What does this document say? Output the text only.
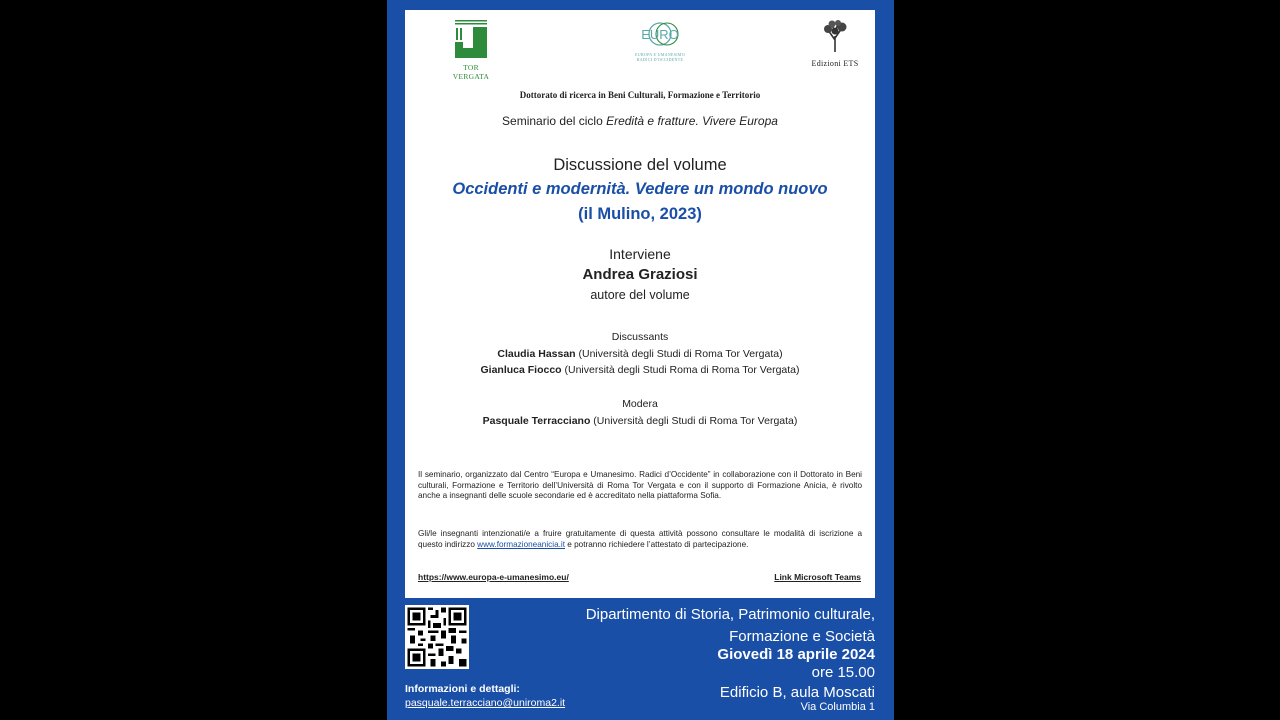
TOR VERGATA
EURO
EUROPA E UMANESIMO
RADICI D'OCCIDENTE	Edizioni ETS
Dottorato di ricerca in Beni Culturali, Formazione e Territorio
Seminario del ciclo Eredità e fratture. Vivere Europa
Discussione del volume
Occidenti e modernità. Vedere un mondo nuovo
(il Mulino, 2023)
Interviene
Andrea Graziosi
autore del volume
Discussants
Claudia Hassan (Università degli Studi di Roma Tor Vergata)
Gianluca Fiocco (Università degli Studi Roma di Roma Tor Vergata)
Modera
Pasquale Terracciano (Università degli Studi di Roma Tor Vergata)
Il seminario, organizzato dal Centro “Europa e Umanesimo. Radici d’Occidente” in collaborazione con il Dottorato in Beni culturali, Formazione e Territorio dell’Università di Roma Tor Vergata e con il supporto di Formazione Anicia, è rivolto anche a insegnanti delle scuole secondarie ed è accreditato nella piattaforma Sofia.
Gli/le insegnanti intenzionati/e a fruire gratuitamente di questa attività possono consultare le modalità di iscrizione a questo indirizzo www.formazioneanicia.it e potranno richiedere l’attestato di partecipazione.
https://www.europa-e-umanesimo.eu/	Link Microsoft Teams
Informazioni e dettagli:
pasquale.terracciano@uniroma2.it
Dipartimento di Storia, Patrimonio culturale,
Formazione e Società
Giovedì 18 aprile 2024
ore 15.00
Edificio B, aula Moscati
Via Columbia 1
